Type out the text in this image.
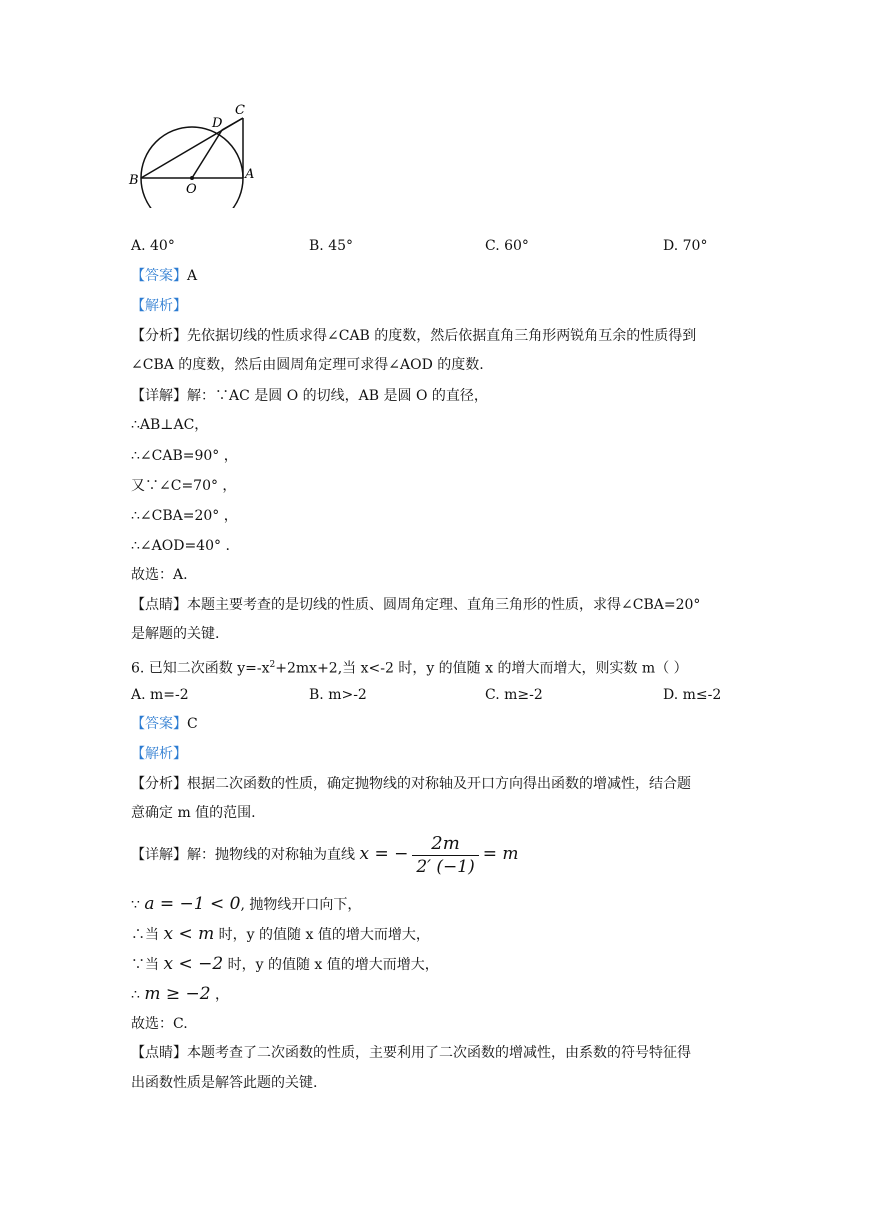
B
O
A
D
C
A. 40°	B. 45°	C. 60°	D. 70°
【答案】A
【解析】
【分析】先依据切线的性质求得∠CAB 的度数，然后依据直角三角形两锐角互余的性质得到
∠CBA 的度数，然后由圆周角定理可求得∠AOD 的度数.
【详解】解：∵AC 是圆 O 的切线，AB 是圆 O 的直径，
∴AB⊥AC，
∴∠CAB=90° ，
又∵∠C=70° ，
∴∠CBA=20° ，
∴∠AOD=40° .
故选：A.
【点睛】本题主要考查的是切线的性质、圆周角定理、直角三角形的性质，求得∠CBA=20°
是解题的关键.
6. 已知二次函数 $y=-x^2+2mx+2$,当 x<-2 时，y 的值随 x 的增大而增大，则实数 m（ ）
A. m=-2	B. m>-2	C. m≥-2	D. m≤-2
【答案】C
【解析】
【分析】根据二次函数的性质，确定抛物线的对称轴及开口方向得出函数的增减性，结合题
意确定 m 值的范围.
【详解】解：抛物线的对称轴为直线 x = − $\frac{2m}{2' (-1)} = m$
∵ a = −1 < 0, 抛物线开口向下，
∴当 x < m 时，y 的值随 x 值的增大而增大，
∵当 x < −2 时，y 的值随 x 值的增大而增大，
∴ m ≥ −2 ，
故选：C.
【点睛】本题考查了二次函数的性质，主要利用了二次函数的增减性，由系数的符号特征得
出函数性质是解答此题的关键.
